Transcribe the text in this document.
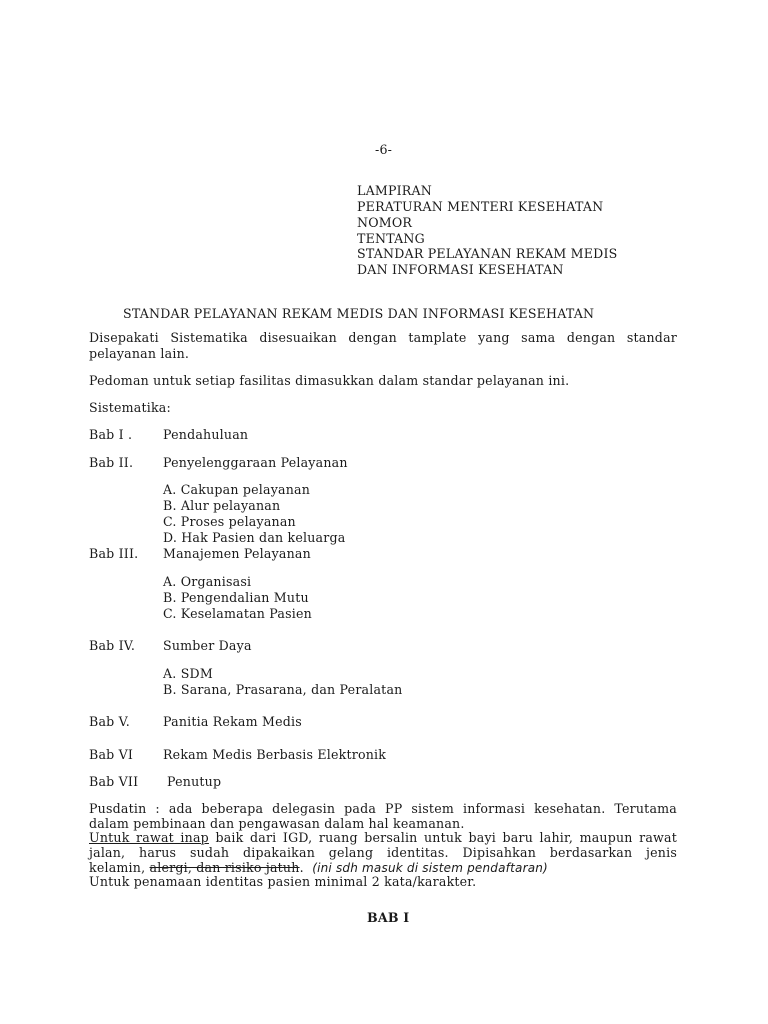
-6-
LAMPIRAN
PERATURAN MENTERI KESEHATAN
NOMOR
TENTANG
STANDAR PELAYANAN REKAM MEDIS
DAN INFORMASI KESEHATAN
STANDAR PELAYANAN REKAM MEDIS DAN INFORMASI KESEHATAN
Disepakati Sistematika disesuaikan dengan tamplate yang sama dengan standar
pelayanan lain.
Pedoman untuk setiap fasilitas dimasukkan dalam standar pelayanan ini.
Sistematika:
Bab I . Pendahuluan
Bab II. Penyelenggaraan Pelayanan
A. Cakupan pelayanan
B. Alur pelayanan
C. Proses pelayanan
D. Hak Pasien dan keluarga
Bab III. Manajemen Pelayanan
A. Organisasi
B. Pengendalian Mutu
C. Keselamatan Pasien
Bab IV. Sumber Daya
A. SDM
B. Sarana, Prasarana, dan Peralatan
Bab V.	Panitia Rekam Medis
Bab VI Rekam Medis Berbasis Elektronik
Bab VII Penutup
Pusdatin : ada beberapa delegasin pada PP sistem informasi kesehatan. Terutama
dalam pembinaan dan pengawasan dalam hal keamanan.
Untuk rawat inap baik dari IGD, ruang bersalin untuk bayi baru lahir, maupun rawat
jalan, harus sudah dipakaikan gelang identitas. Dipisahkan berdasarkan jenis
kelamin, alergi, dan risiko jatuh.  (ini sdh masuk di sistem pendaftaran)
Untuk penamaan identitas pasien minimal 2 kata/karakter.
BAB I
